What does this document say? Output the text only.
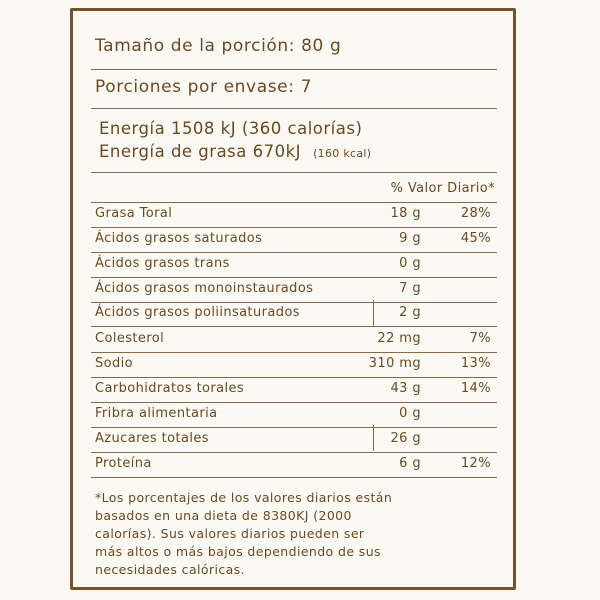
Tamaño de la porción: 80 g
Porciones por envase: 7
Energía 1508 kJ (360 calorías)
Energía de grasa 670kJ (160 kcal)
% Valor Diario*
Grasa Toral	18 g	28%
Ácidos grasos saturados	9 g	45%
Ácidos grasos trans	0 g
Ácidos grasos monoinstaurados	7 g
Ácidos grasos poliinsaturados	2 g
Colesterol	22 mg	7%
Sodio	310 mg	13%
Carbohidratos torales	43 g	14%
Fribra alimentaria	0 g
Azucares totales	26 g
Proteína	6 g	12%
*Los porcentajes de los valores diarios están
basados en una dieta de 8380KJ (2000
calorías). Sus valores diarios pueden ser
más altos o más bajos dependiendo de sus
necesidades calóricas.
